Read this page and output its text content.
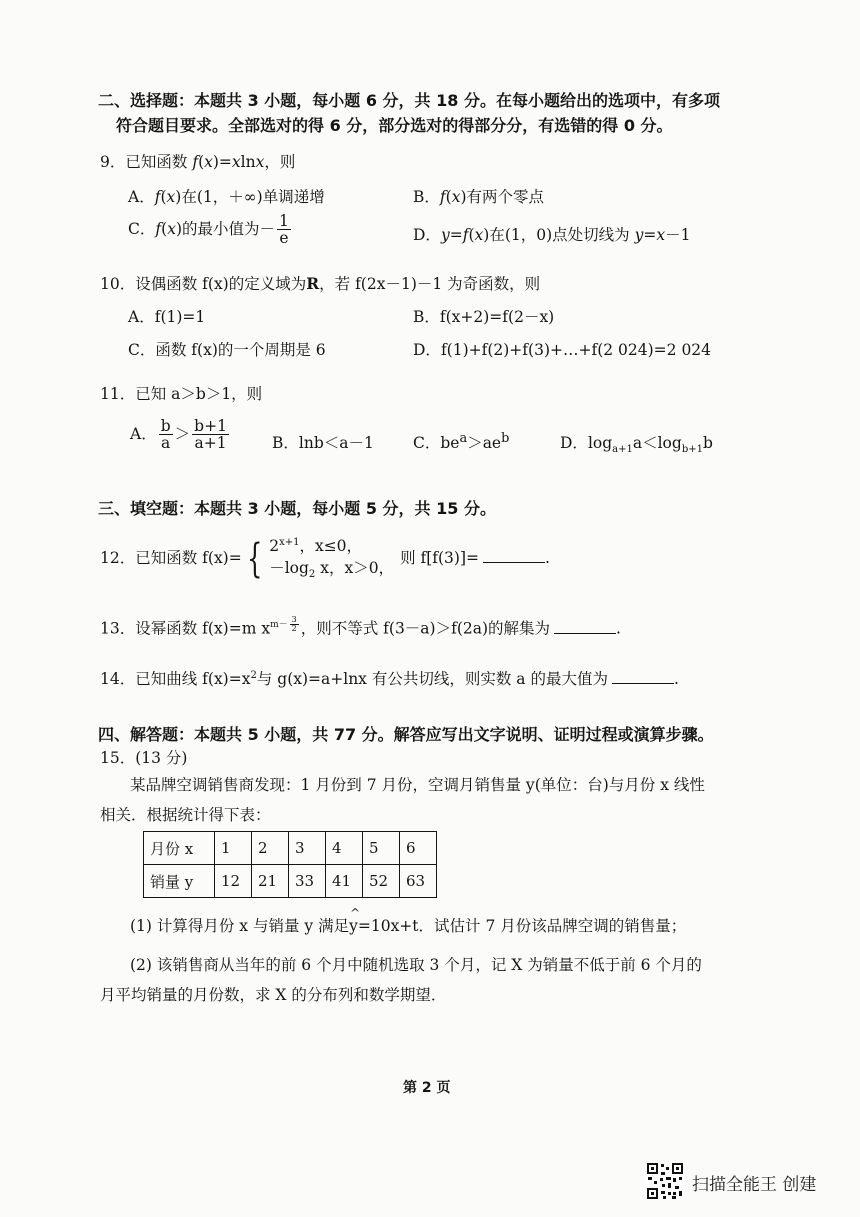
二、选择题：本题共 3 小题，每小题 6 分，共 18 分。在每小题给出的选项中，有多项
符合题目要求。全部选对的得 6 分，部分选对的得部分分，有选错的得 0 分。
9．已知函数 f(x)=xlnx，则
A．f(x)在(1，＋∞)单调递增	B．f(x)有两个零点
C．f(x)的最小值为－ $\frac{1}{e}$	D．y=f(x)在(1，0)点处切线为 y=x－1
10．设偶函数 f(x)的定义域为R，若 f(2x－1)－1 为奇函数，则
A．f(1)=1	B．f(x+2)=f(2－x)
C．函数 f(x)的一个周期是 6	D．f(1)+f(2)+f(3)+…+f(2 024)=2 024
11．已知 a＞b＞1，则
A． $\frac{b}{a} > \frac{b+1}{a+1}$	B．lnb＜a－1	C．$be^a>ae^b$	D．$\log_{a+1}a<\log_{b+1}b$
三、填空题：本题共 3 小题，每小题 5 分，共 15 分。
12．已知函数 f(x)= { $2^{x+1}$，x≤0，
$-\log_2$ x，x＞0，
则 f[f(3)]=	.
13．设幂函数 f(x)=m $x^{m- \frac{3}{2}}$ ，则不等式 f(3－a)＞f(2a)的解集为	.
14．已知曲线 $f(x)=x^2$与 g(x)=a+lnx 有公共切线，则实数 a 的最大值为	.
四、解答题：本题共 5 小题，共 77 分。解答应写出文字说明、证明过程或演算步骤。
15．(13 分)
某品牌空调销售商发现：1 月份到 7 月份，空调月销售量 y(单位：台)与月份 x 线性
相关．根据统计得下表：
月份 x	1	2	3	4	5	6
销量 y	12	21	33	41	52	63
(1) 计算得月份 x 与销量 y 满足^ y=10x+t．试估计 7 月份该品牌空调的销售量；
(2) 该销售商从当年的前 6 个月中随机选取 3 个月，记 X 为销量不低于前 6 个月的
月平均销量的月份数，求 X 的分布列和数学期望．
第 2 页
扫描全能王 创建
